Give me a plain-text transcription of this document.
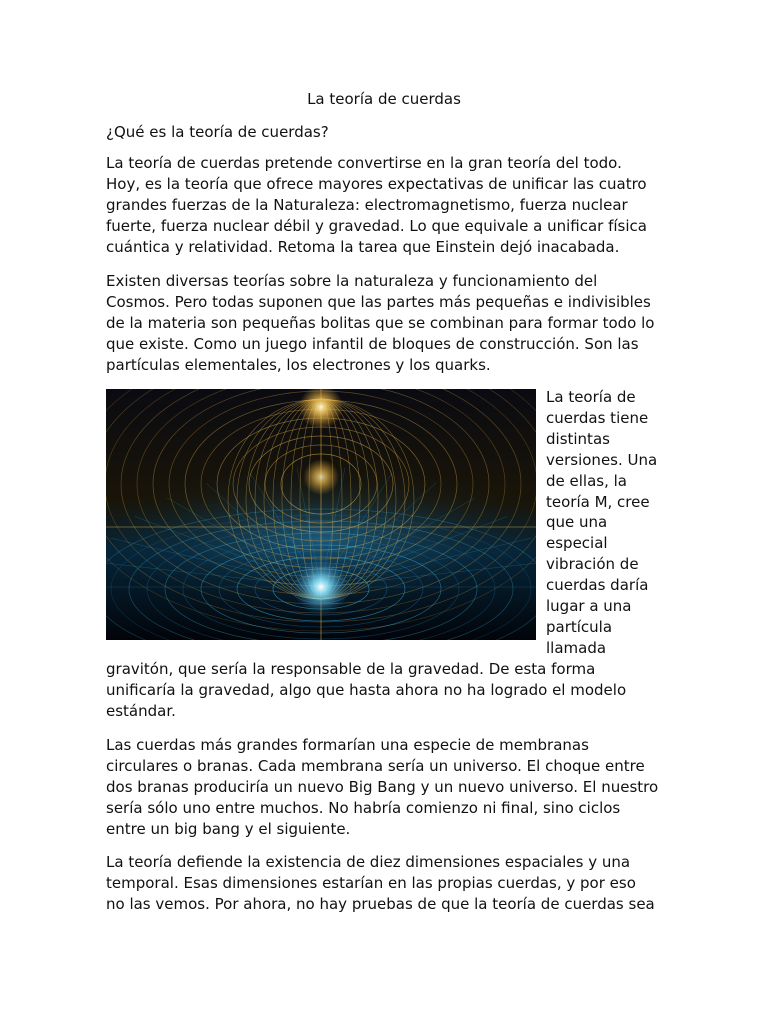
La teoría de cuerdas

¿Qué es la teoría de cuerdas?

La teoría de cuerdas pretende convertirse en la gran teoría del todo.
Hoy, es la teoría que ofrece mayores expectativas de unificar las cuatro
grandes fuerzas de la Naturaleza: electromagnetismo, fuerza nuclear
fuerte, fuerza nuclear débil y gravedad. Lo que equivale a unificar física
cuántica y relatividad. Retoma la tarea que Einstein dejó inacabada.

Existen diversas teorías sobre la naturaleza y funcionamiento del
Cosmos. Pero todas suponen que las partes más pequeñas e indivisibles
de la materia son pequeñas bolitas que se combinan para formar todo lo
que existe. Como un juego infantil de bloques de construcción. Son las
partículas elementales, los electrones y los quarks.

La teoría de
cuerdas tiene
distintas
versiones. Una
de ellas, la
teoría M, cree
que una
especial
vibración de
cuerdas daría
lugar a una
partícula
llamada

gravitón, que sería la responsable de la gravedad. De esta forma
unificaría la gravedad, algo que hasta ahora no ha logrado el modelo
estándar.

Las cuerdas más grandes formarían una especie de membranas
circulares o branas. Cada membrana sería un universo. El choque entre
dos branas produciría un nuevo Big Bang y un nuevo universo. El nuestro
sería sólo uno entre muchos. No habría comienzo ni final, sino ciclos
entre un big bang y el siguiente.

La teoría defiende la existencia de diez dimensiones espaciales y una
temporal. Esas dimensiones estarían en las propias cuerdas, y por eso
no las vemos. Por ahora, no hay pruebas de que la teoría de cuerdas sea
